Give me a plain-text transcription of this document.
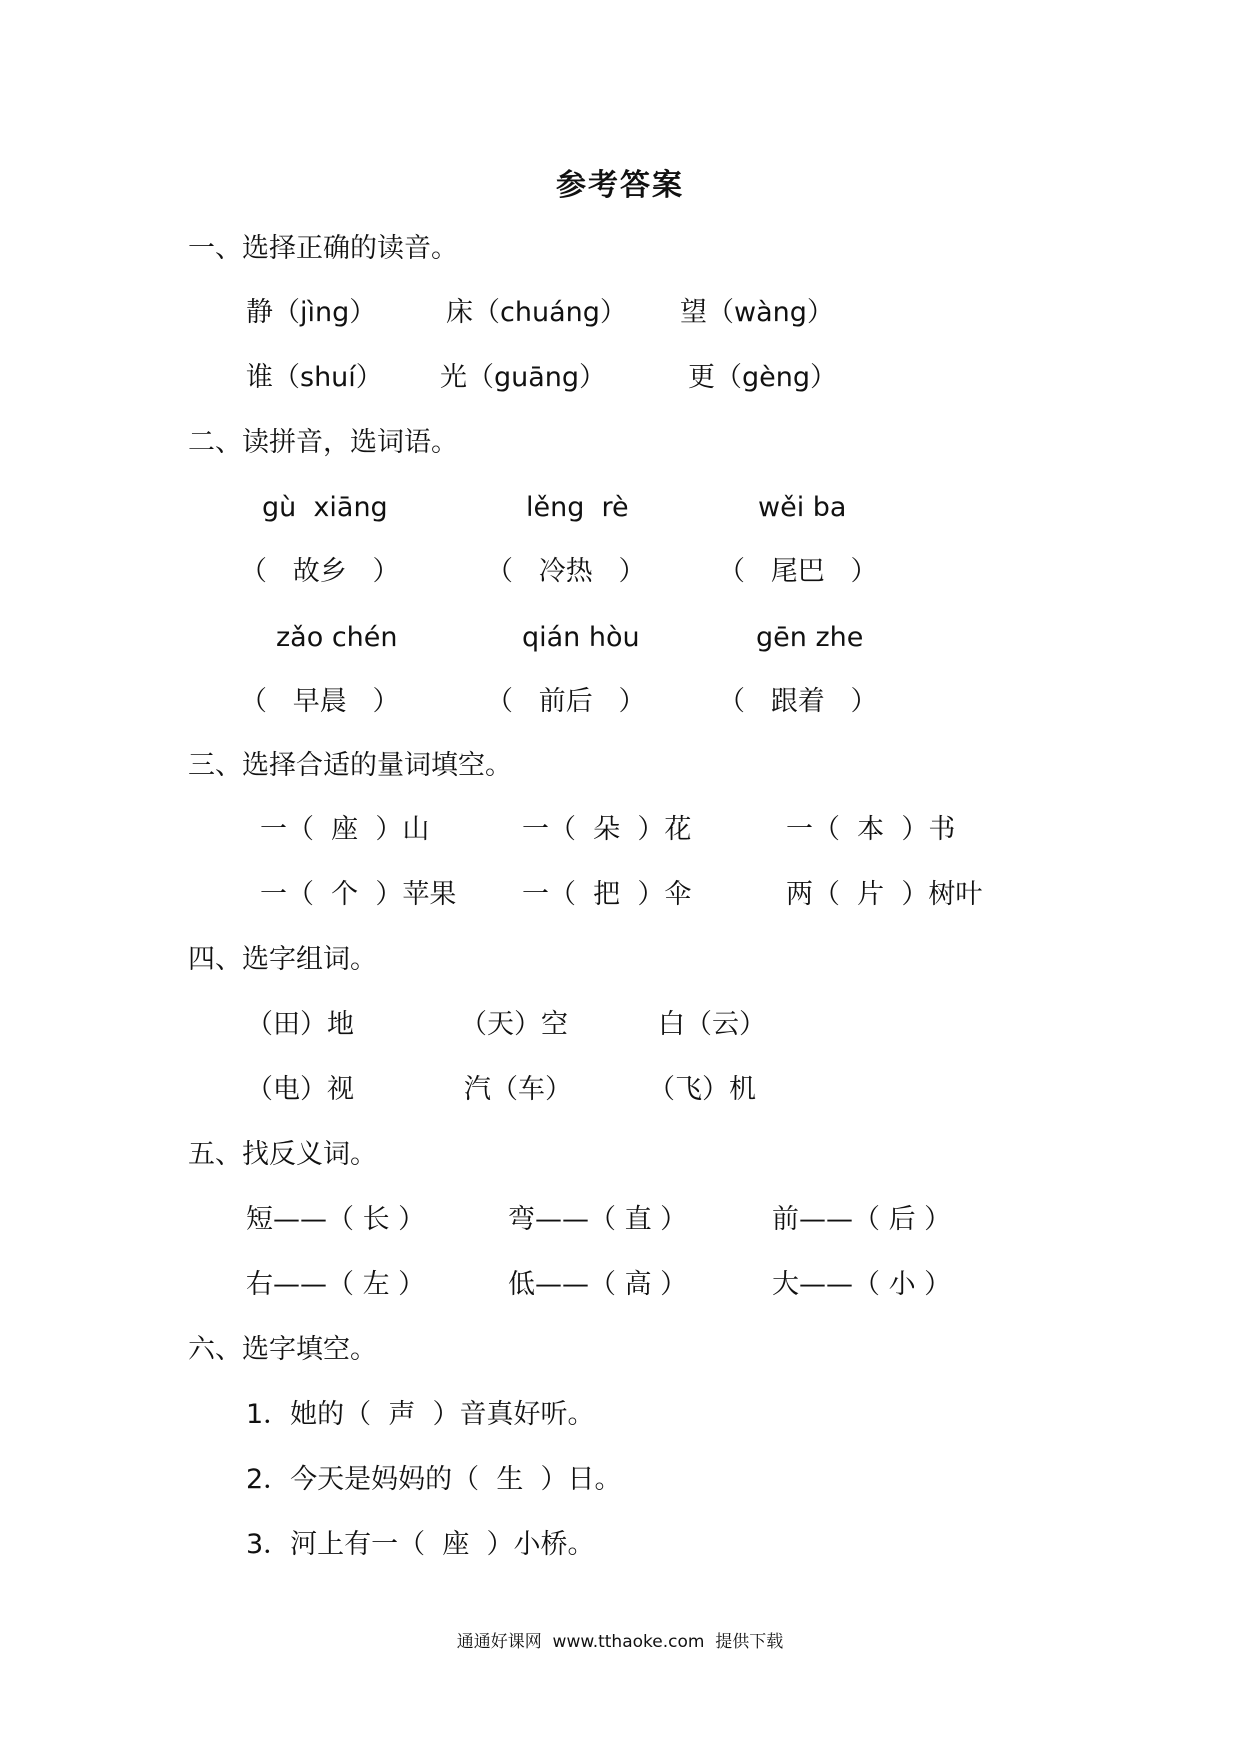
参考答案
一、选择正确的读音。
静（jìng）	床（chuáng） 望（wàng）
谁（shuí） 光（guāng）	更（gèng）
二、读拼音，选词语。
gù  xiāng	lěng  rè	wěi ba
（   故乡   ）	（   冷热   ）	（   尾巴   ）
zǎo chén	qián hòu	gēn zhe
（   早晨   ）	（   前后   ）	（   跟着   ）
三、选择合适的量词填空。
一（  座  ）山	一（  朵  ）花	一（  本  ）书
一（  个  ）苹果 一（  把  ）伞	两（  片  ）树叶
四、选字组词。
（田）地	（天）空	白（云）
（电）视	汽（车）	（飞）机
五、找反义词。
短——（ 长 ）	弯——（ 直 ）	前——（ 后 ）
右——（ 左 ）	低——（ 高 ）	大——（ 小 ）
六、选字填空。
1．她的（  声  ）音真好听。
2．今天是妈妈的（  生  ）日。
3．河上有一（  座  ）小桥。
通通好课网  www.tthaoke.com  提供下载
